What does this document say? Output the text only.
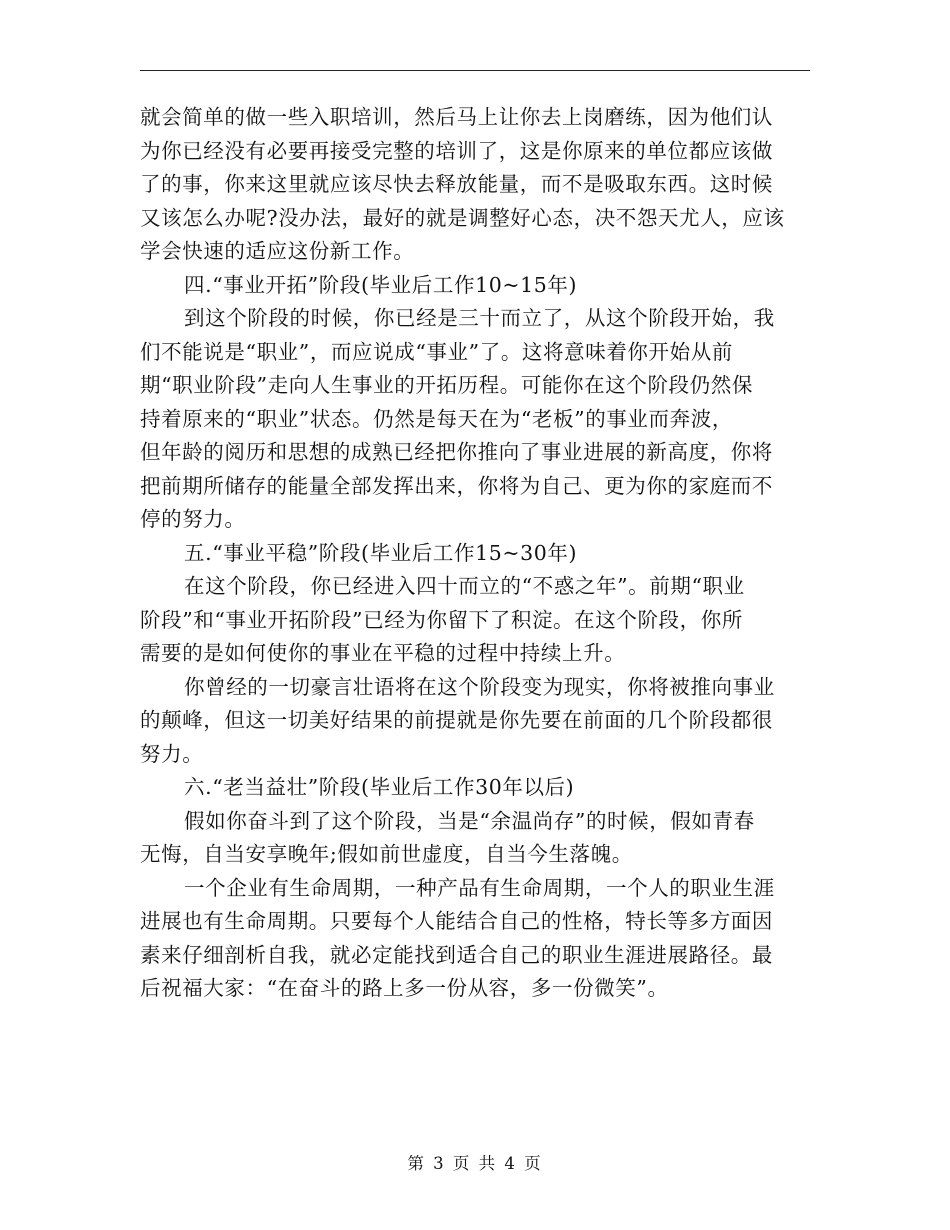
就会简单的做一些入职培训，然后马上让你去上岗磨练，因为他们认
为你已经没有必要再接受完整的培训了，这是你原来的单位都应该做
了的事，你来这里就应该尽快去释放能量，而不是吸取东西。这时候
又该怎么办呢?没办法，最好的就是调整好心态，决不怨天尤人，应该
学会快速的适应这份新工作。
四.“事业开拓”阶段(毕业后工作10~15年)
到这个阶段的时候，你已经是三十而立了，从这个阶段开始，我
们不能说是“职业”，而应说成“事业”了。这将意味着你开始从前
期“职业阶段”走向人生事业的开拓历程。可能你在这个阶段仍然保
持着原来的“职业”状态。仍然是每天在为“老板”的事业而奔波，
但年龄的阅历和思想的成熟已经把你推向了事业进展的新高度，你将
把前期所储存的能量全部发挥出来，你将为自己、更为你的家庭而不
停的努力。
五.“事业平稳”阶段(毕业后工作15~30年)
在这个阶段，你已经进入四十而立的“不惑之年”。前期“职业
阶段”和“事业开拓阶段”已经为你留下了积淀。在这个阶段，你所
需要的是如何使你的事业在平稳的过程中持续上升。
你曾经的一切豪言壮语将在这个阶段变为现实，你将被推向事业
的颠峰，但这一切美好结果的前提就是你先要在前面的几个阶段都很
努力。
六.“老当益壮”阶段(毕业后工作30年以后)
假如你奋斗到了这个阶段，当是“余温尚存”的时候，假如青春
无悔，自当安享晚年;假如前世虚度，自当今生落魄。
一个企业有生命周期，一种产品有生命周期，一个人的职业生涯
进展也有生命周期。只要每个人能结合自己的性格，特长等多方面因
素来仔细剖析自我，就必定能找到适合自己的职业生涯进展路径。最
后祝福大家：“在奋斗的路上多一份从容，多一份微笑”。
第 3 页 共 4 页
